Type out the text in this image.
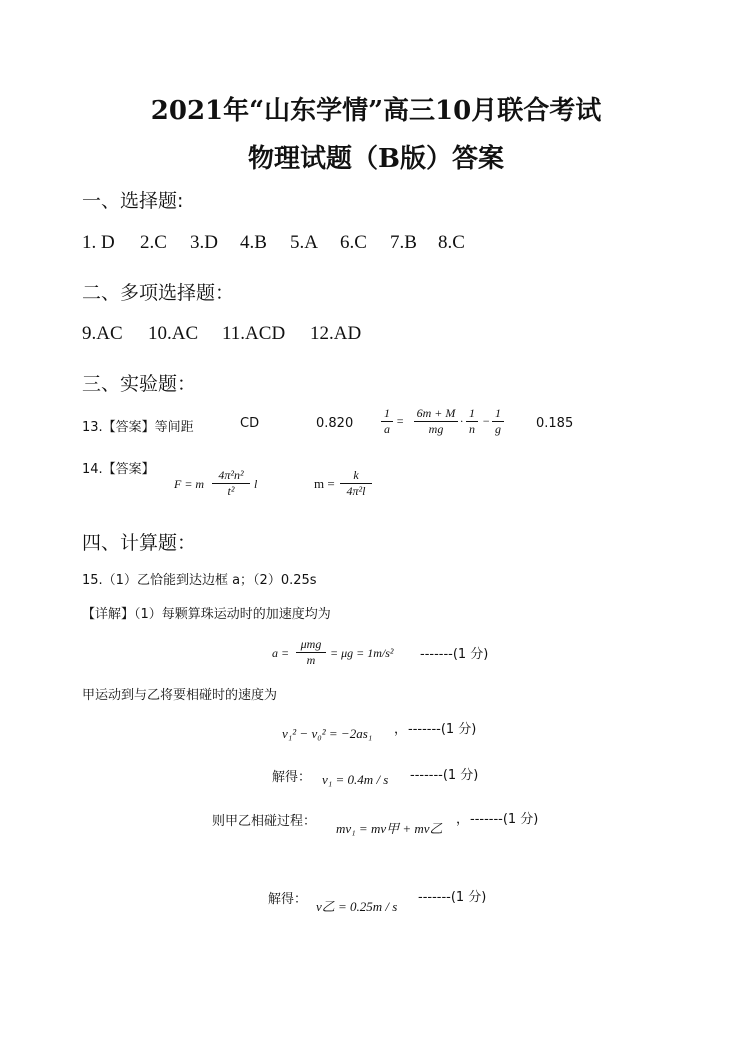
2021年“山东学情”高三10月联合考试
物理试题（B版）答案
一、选择题:
1. D 2.C 3.D 4.B 5.A 6.C 7.B 8.C
二、多项选择题：
9.AC 10.AC 11.ACD 12.AD
三、实验题：
13.【答案】等间距	CD	0.820
1
a
=
6m + M
mg
·
1
n
−
1
g	0.185
14.【答案】
F = m
4π²n²
t²	l	m =
k
4π²l
四、计算题：
15.（1）乙恰能到达边框 a；（2）0.25s
【详解】（1）每颗算珠运动时的加速度均为
a =
μmg
m	= μg = 1m/s² -------(1 分)
甲运动到与乙将要相碰时的速度为
v₁² − v₀² = −2as₁ ， -------(1 分)
解得： v₁ = 0.4m / s -------(1 分)
则甲乙相碰过程： mv₁ = mv甲 + mv乙
， -------(1 分)
解得： v乙 = 0.25m / s
-------(1 分)
